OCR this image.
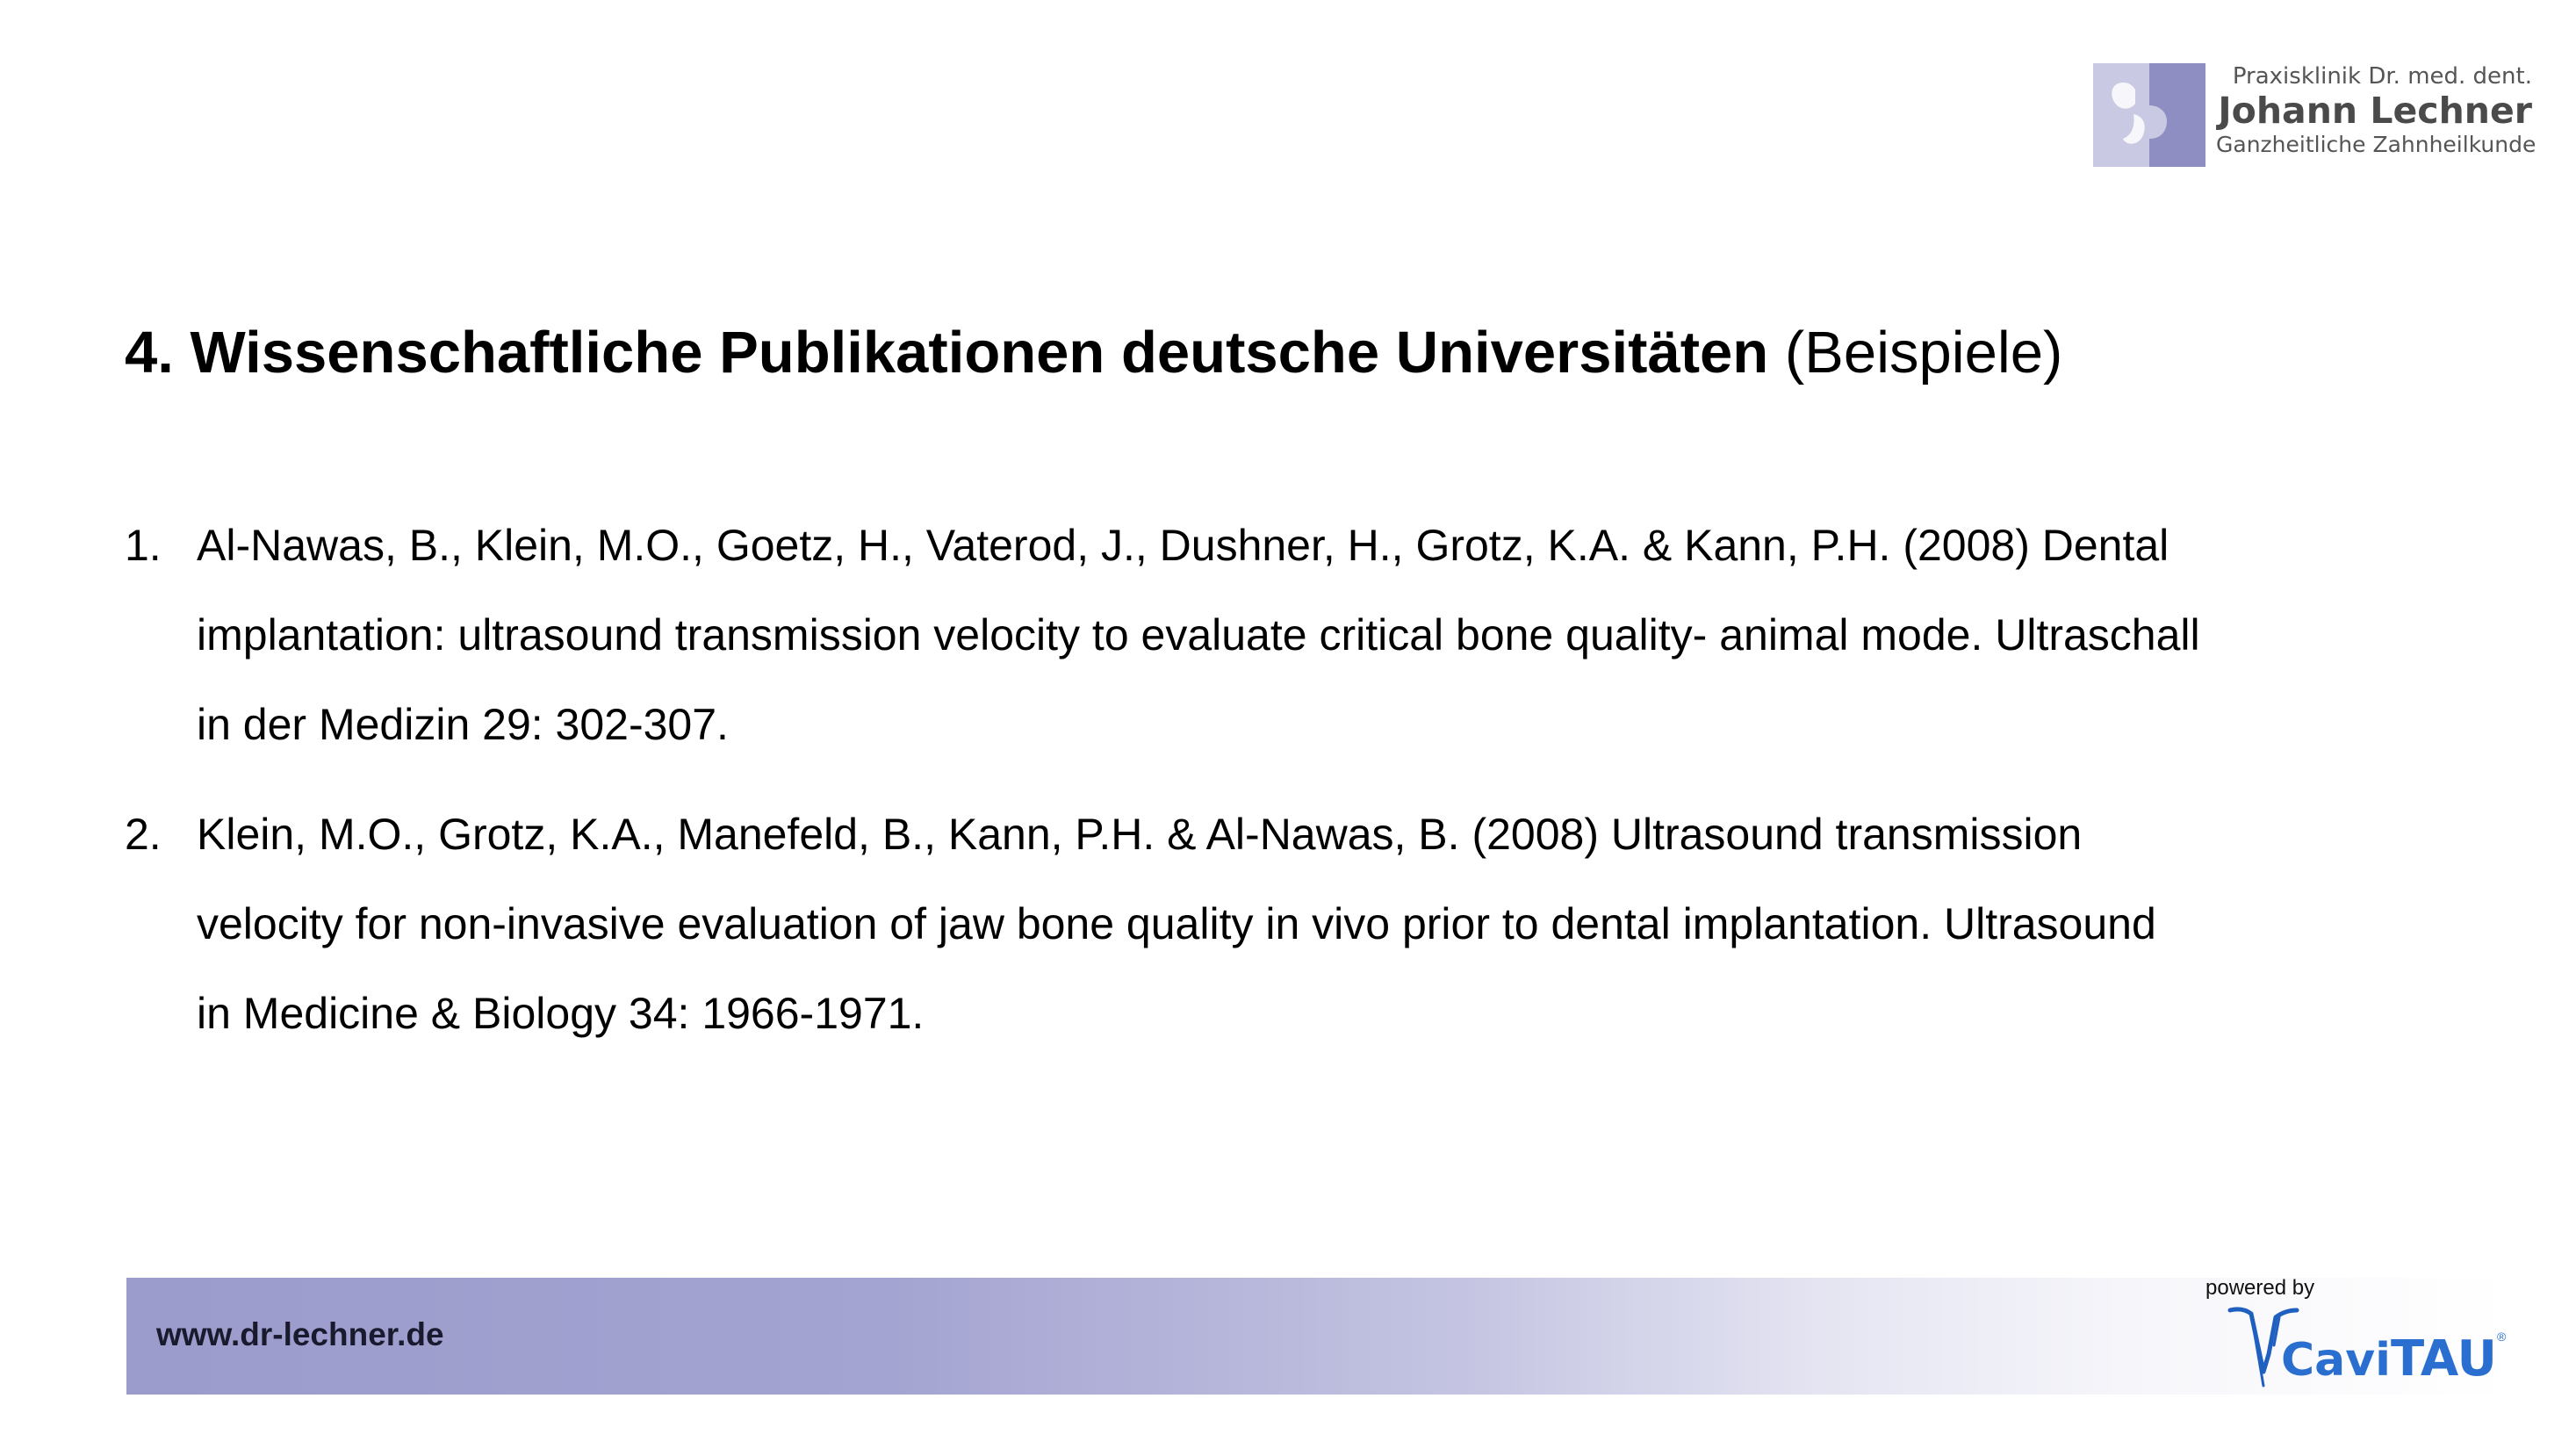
Praxisklinik Dr. med. dent.
Johann Lechner
Ganzheitliche Zahnheilkunde
4. Wissenschaftliche Publikationen deutsche Universitäten (Beispiele)
1. Al-Nawas, B., Klein, M.O., Goetz, H., Vaterod, J., Dushner, H., Grotz, K.A. & Kann, P.H. (2008) Dental
implantation: ultrasound transmission velocity to evaluate critical bone quality- animal mode. Ultraschall
in der Medizin 29: 302-307.
2. Klein, M.O., Grotz, K.A., Manefeld, B., Kann, P.H. & Al-Nawas, B. (2008) Ultrasound transmission
velocity for non-invasive evaluation of jaw bone quality in vivo prior to dental implantation. Ultrasound
in Medicine & Biology 34: 1966-1971.
www.dr-lechner.de
powered by
CaviTAU ®
